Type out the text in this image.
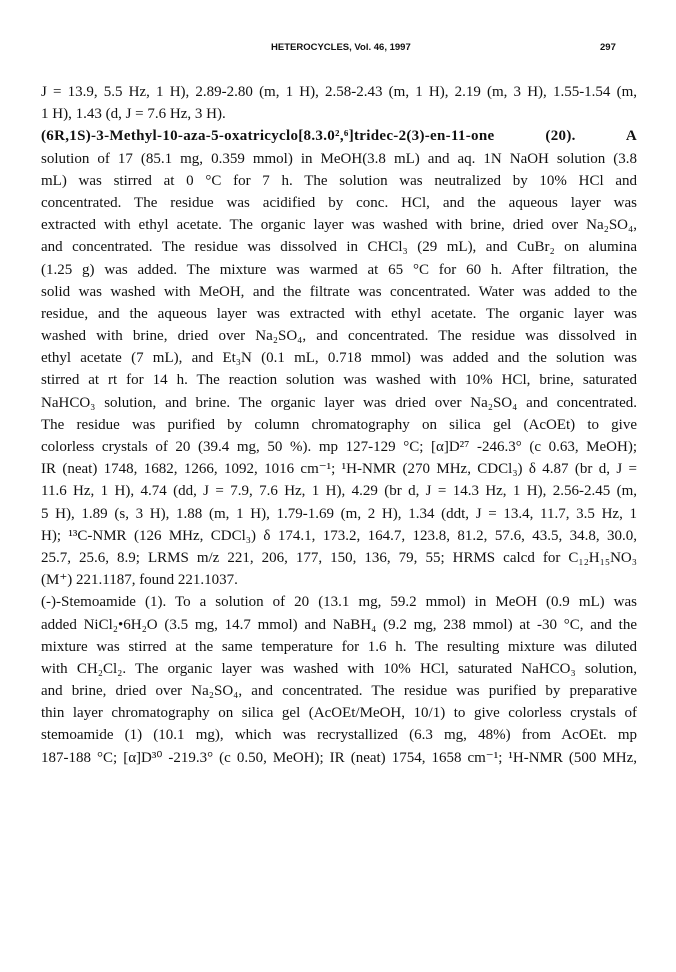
HETEROCYCLES, Vol. 46, 1997	297
J = 13.9, 5.5 Hz, 1 H), 2.89-2.80 (m, 1 H), 2.58-2.43 (m, 1 H), 2.19 (m, 3 H), 1.55-1.54 (m,
1 H), 1.43 (d, J = 7.6 Hz, 3 H).
(6R,1S)-3-Methyl-10-aza-5-oxatricyclo[8.3.0²,⁶]tridec-2(3)-en-11-one (20). A
solution of 17 (85.1 mg, 0.359 mmol) in MeOH(3.8 mL) and aq. 1N NaOH solution (3.8
mL) was stirred at 0 °C for 7 h. The solution was neutralized by 10% HCl and
concentrated. The residue was acidified by conc. HCl, and the aqueous layer was
extracted with ethyl acetate. The organic layer was washed with brine, dried over Na₂SO₄,
and concentrated. The residue was dissolved in CHCl₃ (29 mL), and CuBr₂ on alumina
(1.25 g) was added. The mixture was warmed at 65 °C for 60 h. After filtration, the
solid was washed with MeOH, and the filtrate was concentrated. Water was added to the
residue, and the aqueous layer was extracted with ethyl acetate. The organic layer was
washed with brine, dried over Na₂SO₄, and concentrated. The residue was dissolved in
ethyl acetate (7 mL), and Et₃N (0.1 mL, 0.718 mmol) was added and the solution was
stirred at rt for 14 h. The reaction solution was washed with 10% HCl, brine, saturated
NaHCO₃ solution, and brine. The organic layer was dried over Na₂SO₄ and concentrated.
The residue was purified by column chromatography on silica gel (AcOEt) to give
colorless crystals of 20 (39.4 mg, 50 %). mp 127-129 °C; [α]D²⁷ -246.3° (c 0.63, MeOH);
IR (neat) 1748, 1682, 1266, 1092, 1016 cm⁻¹; ¹H-NMR (270 MHz, CDCl₃) δ 4.87 (br d, J =
11.6 Hz, 1 H), 4.74 (dd, J = 7.9, 7.6 Hz, 1 H), 4.29 (br d, J = 14.3 Hz, 1 H), 2.56-2.45 (m,
5 H), 1.89 (s, 3 H), 1.88 (m, 1 H), 1.79-1.69 (m, 2 H), 1.34 (ddt, J = 13.4, 11.7, 3.5 Hz, 1
H); ¹³C-NMR (126 MHz, CDCl₃) δ 174.1, 173.2, 164.7, 123.8, 81.2, 57.6, 43.5, 34.8, 30.0,
25.7, 25.6, 8.9; LRMS m/z 221, 206, 177, 150, 136, 79, 55; HRMS calcd for C₁₂H₁₅NO₃
(M⁺) 221.1187, found 221.1037.
(-)-Stemoamide (1). To a solution of 20 (13.1 mg, 59.2 mmol) in MeOH (0.9 mL) was
added NiCl₂•6H₂O (3.5 mg, 14.7 mmol) and NaBH₄ (9.2 mg, 238 mmol) at -30 °C, and the
mixture was stirred at the same temperature for 1.6 h. The resulting mixture was diluted
with CH₂Cl₂. The organic layer was washed with 10% HCl, saturated NaHCO₃ solution,
and brine, dried over Na₂SO₄, and concentrated. The residue was purified by preparative
thin layer chromatography on silica gel (AcOEt/MeOH, 10/1) to give colorless crystals of
stemoamide (1) (10.1 mg), which was recrystallized (6.3 mg, 48%) from AcOEt. mp
187-188 °C; [α]D³⁰ -219.3° (c 0.50, MeOH); IR (neat) 1754, 1658 cm⁻¹; ¹H-NMR (500 MHz,
